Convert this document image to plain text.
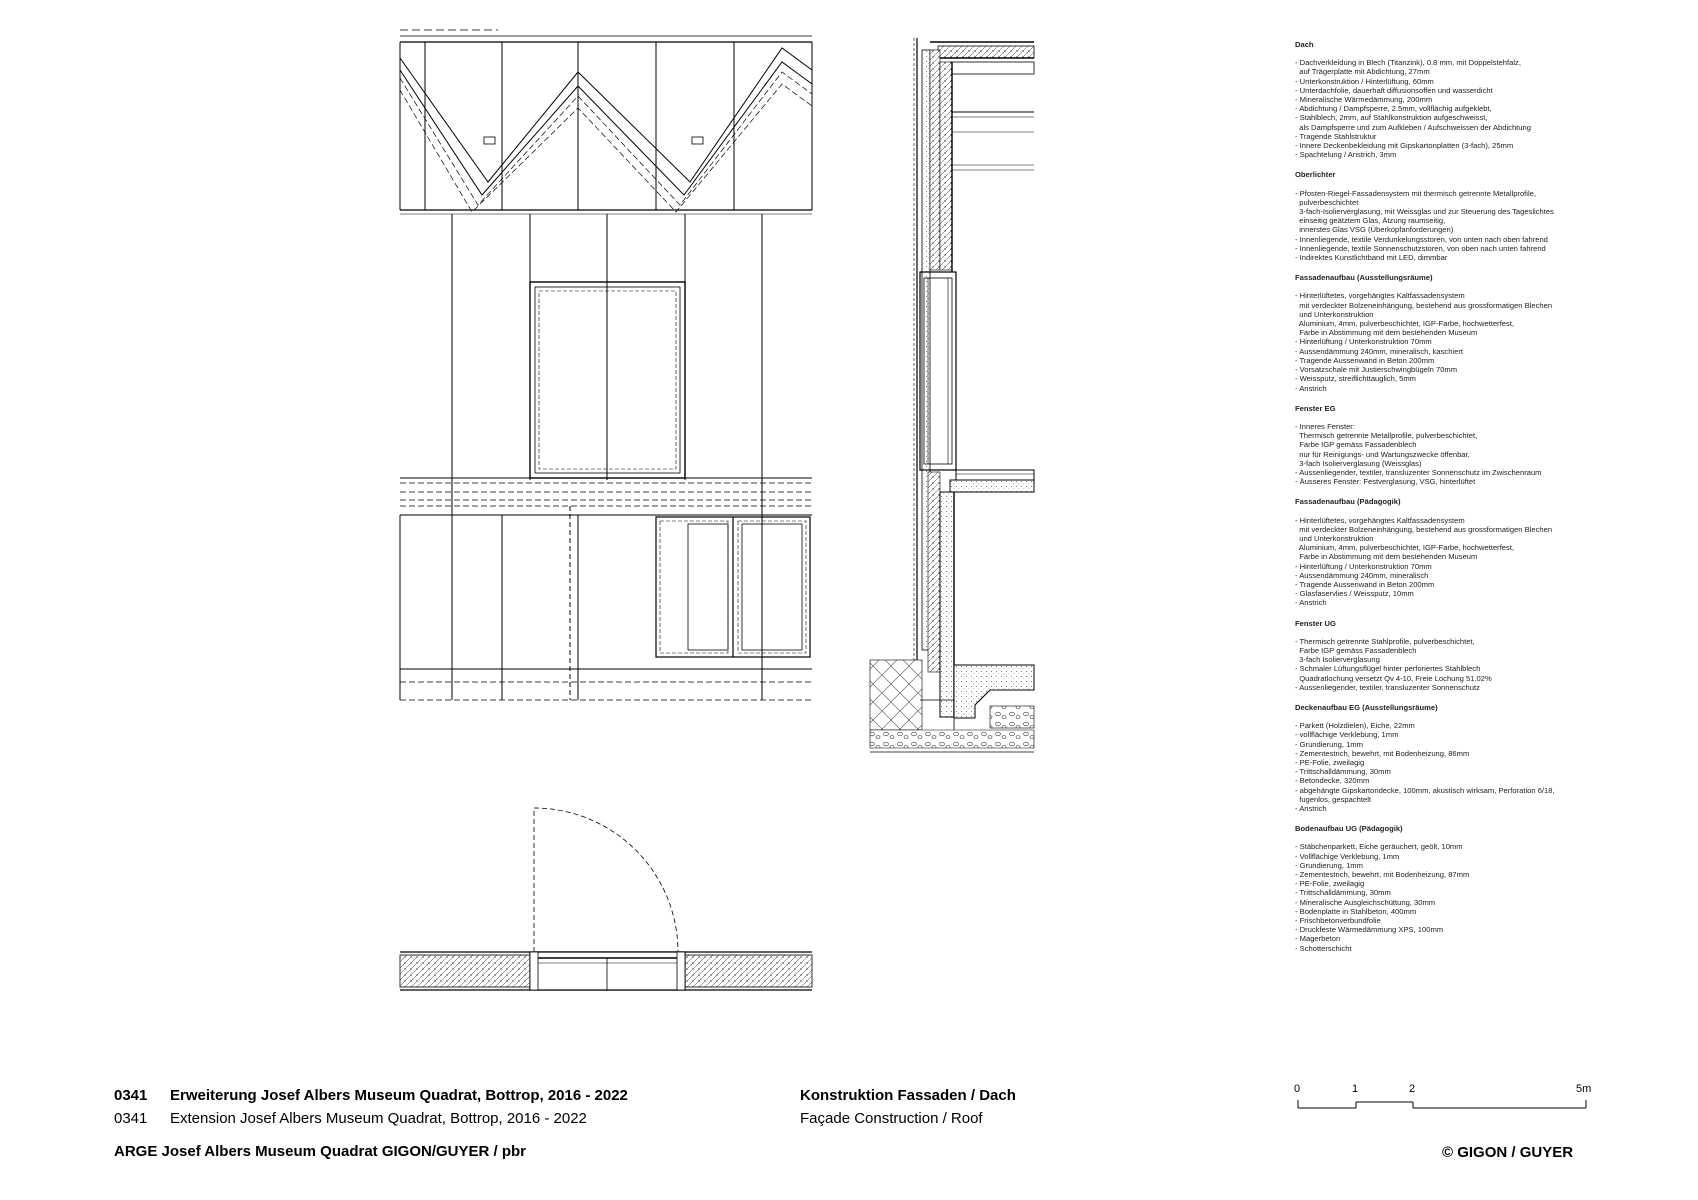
Dach
- Dachverkleidung in Blech (Titanzink), 0.8 mm, mit Doppelstehfalz,
auf Trägerplatte mit Abdichtung, 27mm
- Unterkonstruktion / Hinterlüftung, 60mm
- Unterdachfolie, dauerhaft diffusionsoffen und wasserdicht
- Mineralische Wärmedämmung, 200mm
- Abdichtung / Dampfsperre, 2.5mm, vollflächig aufgeklebt,
- Stahlblech, 2mm, auf Stahlkonstruktion aufgeschweisst,
als Dampfsperre und zum Aufkleben / Aufschweissen der Abdichtung
- Tragende Stahlstruktur
- Innere Deckenbekleidung mit Gipskartonplatten (3-fach), 25mm
- Spachtelung / Anstrich, 3mm
Oberlichter
- Pfosten-Riegel-Fassadensystem mit thermisch getrennte Metallprofile,
pulverbeschichtet
3-fach-Isolierverglasung, mit Weissglas und zur Steuerung des Tageslichtes
einseitig geätztem Glas, Ätzung raumseitig,
innerstes Glas VSG (Überkopfanforderungen)
- Innenliegende, textile Verdunkelungsstoren, von unten nach oben fahrend
- Innenliegende, textile Sonnenschutzstoren, von oben nach unten fahrend
- Indirektes Kunstlichtband mit LED, dimmbar
Fassadenaufbau (Ausstellungsräume)
- Hinterlüftetes, vorgehängtes Kaltfassadensystem
mit verdeckter Bolzeneinhängung, bestehend aus grossformatigen Blechen
und Unterkonstruktion
Aluminium, 4mm, pulverbeschichtet, IGP-Farbe, hochwetterfest,
Farbe in Abstimmung mit dem bestehenden Museum
- Hinterlüftung / Unterkonstruktion 70mm
- Aussendämmung 240mm, mineralisch, kaschiert
- Tragende Aussenwand in Beton 200mm
- Vorsatzschale mit Justierschwingbügeln 70mm
- Weissputz, streiflichttauglich, 5mm
- Anstrich
Fenster EG
- Inneres Fenster:
Thermisch getrennte Metallprofile, pulverbeschichtet,
Farbe IGP gemäss Fassadenblech
nur für Reinigungs- und Wartungszwecke öffenbar,
3-fach Isolierverglasung (Weissglas)
- Aussenliegender, textiler, transluzenter Sonnenschutz im Zwischenraum
- Äusseres Fenster: Festverglasung, VSG, hinterlüftet
Fassadenaufbau (Pädagogik)
- Hinterlüftetes, vorgehängtes Kaltfassadensystem
mit verdeckter Bolzeneinhängung, bestehend aus grossformatigen Blechen
und Unterkonstruktion
Aluminium, 4mm, pulverbeschichtet, IGP-Farbe, hochwetterfest,
Farbe in Abstimmung mit dem bestehenden Museum
- Hinterlüftung / Unterkonstruktion 70mm
- Aussendämmung 240mm, mineralisch
- Tragende Aussenwand in Beton 200mm
- Glasfaservlies / Weissputz, 10mm
- Anstrich
Fenster UG
- Thermisch getrennte Stahlprofile, pulverbeschichtet,
Farbe IGP gemäss Fassadenblech
3-fach Isolierverglasung
- Schmaler Lüftungsflügel hinter perforiertes Stahlblech
Quadratlochung versetzt Qv 4-10, Freie Lochung 51.02%
- Aussenliegender, textiler, transluzenter Sonnenschutz
Deckenaufbau EG (Ausstellungsräume)
- Parkett (Holzdielen), Eiche, 22mm
- vollflächige Verklebung, 1mm
- Grundierung, 1mm
- Zementestrich, bewehrt, mit Bodenheizung, 86mm
- PE-Folie, zweilagig
- Trittschalldämmung, 30mm
- Betondecke, 320mm
- abgehängte Gipskartondecke, 100mm, akustisch wirksam, Perforation 6/18,
fugenlos, gespachtelt
- Anstrich
Bodenaufbau UG (Pädagogik)
- Stäbchenparkett, Eiche geräuchert, geölt, 10mm
- Vollflächige Verklebung, 1mm
- Grundierung, 1mm
- Zementestrich, bewehrt, mit Bodenheizung, 87mm
- PE-Folie, zweilagig
- Trittschalldämmung, 30mm
- Mineralische Ausgleichschüttung, 30mm
- Bodenplatte in Stahlbeton, 400mm
- Frischbetonverbundfolie
- Druckfeste Wärmedämmung XPS, 100mm
- Magerbeton
- Schotterschicht
0	1	2	5m
0341 Erweiterung Josef Albers Museum Quadrat, Bottrop, 2016 - 2022
0341 Extension Josef Albers Museum Quadrat, Bottrop, 2016 - 2022
ARGE Josef Albers Museum Quadrat GIGON/GUYER / pbr
Konstruktion Fassaden / Dach
Façade Construction / Roof
© GIGON / GUYER
